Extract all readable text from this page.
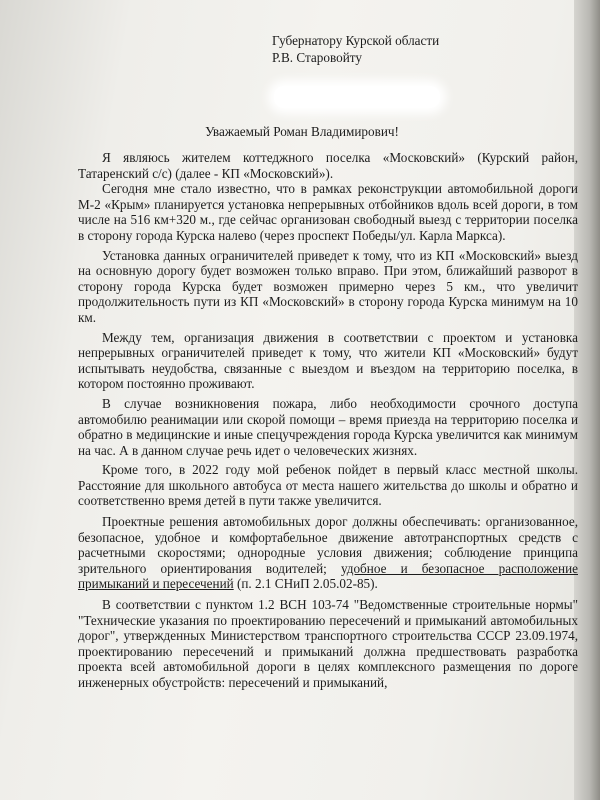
Губернатору Курской области
Р.В. Старовойту
Уважаемый Роман Владимирович!

Я являюсь жителем коттеджного поселка «Московский» (Курский район, Татаренский с/с) (далее - КП «Московский»).

Сегодня мне стало известно, что в рамках реконструкции автомобильной дороги М-2 «Крым» планируется установка непрерывных отбойников вдоль всей дороги, в том числе на 516 км+320 м., где сейчас организован свободный выезд с территории поселка в сторону города Курска налево (через проспект Победы/ул. Карла Маркса).

Установка данных ограничителей приведет к тому, что из КП «Московский» выезд на основную дорогу будет возможен только вправо. При этом, ближайший разворот в сторону города Курска будет возможен примерно через 5 км., что увеличит продолжительность пути из КП «Московский» в сторону города Курска минимум на 10 км.

Между тем, организация движения в соответствии с проектом и установка непрерывных ограничителей приведет к тому, что жители КП «Московский» будут испытывать неудобства, связанные с выездом и въездом на территорию поселка, в котором постоянно проживают.

В случае возникновения пожара, либо необходимости срочного доступа автомобилю реанимации или скорой помощи – время приезда на территорию поселка и обратно в медицинские и иные спецучреждения города Курска увеличится как минимум на час. А в данном случае речь идет о человеческих жизнях.

Кроме того, в 2022 году мой ребенок пойдет в первый класс местной школы. Расстояние для школьного автобуса от места нашего жительства до школы и обратно и соответственно время детей в пути также увеличится.

Проектные решения автомобильных дорог должны обеспечивать: организованное, безопасное, удобное и комфортабельное движение автотранспортных средств с расчетными скоростями; однородные условия движения; соблюдение принципа зрительного ориентирования водителей; удобное и безопасное расположение примыканий и пересечений (п. 2.1 СНиП 2.05.02-85).

В соответствии с пунктом 1.2 ВСН 103-74 "Ведомственные строительные нормы" "Технические указания по проектированию пересечений и примыканий автомобильных дорог", утвержденных Министерством транспортного строительства СССР 23.09.1974, проектированию пересечений и примыканий должна предшествовать разработка проекта всей автомобильной дороги в целях комплексного размещения по дороге инженерных обустройств: пересечений и примыканий,
